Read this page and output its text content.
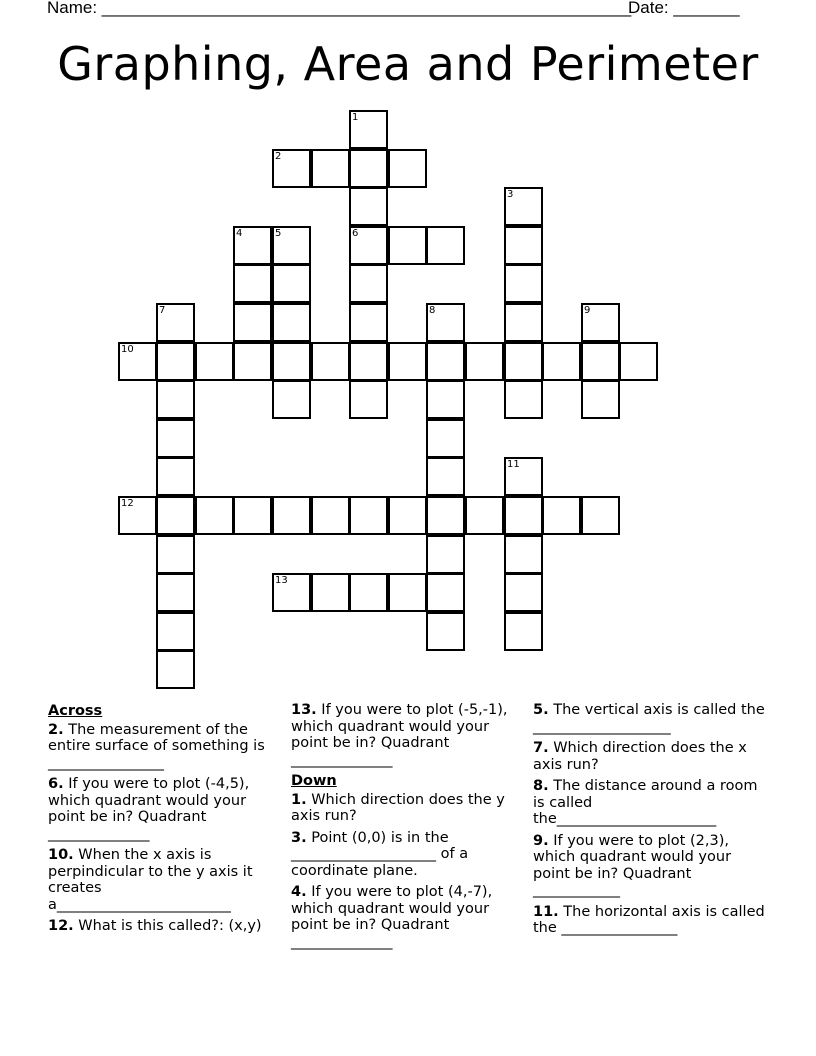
Name: ________________________________________________________
Date: _______
Graphing, Area and Perimeter
1
2
3
4	5	6
7	8	9
10
11
12
13
Across
2. The measurement of the entire surface of something is ________________
6. If you were to plot (-4,5), which quadrant would your point be in? Quadrant ______________
10. When the x axis is perpindicular to the y axis it creates a________________________
12. What is this called?: (x,y)
13. If you were to plot (-5,-1), which quadrant would your point be in? Quadrant ______________
Down
1. Which direction does the y axis run?
3. Point (0,0) is in the ____________________ of a coordinate plane.
4. If you were to plot (4,-7), which quadrant would your point be in? Quadrant ______________
5. The vertical axis is called the ___________________
7. Which direction does the x axis run?
8. The distance around a room is called the______________________
9. If you were to plot (2,3), which quadrant would your point be in? Quadrant ____________
11. The horizontal axis is called the ________________
